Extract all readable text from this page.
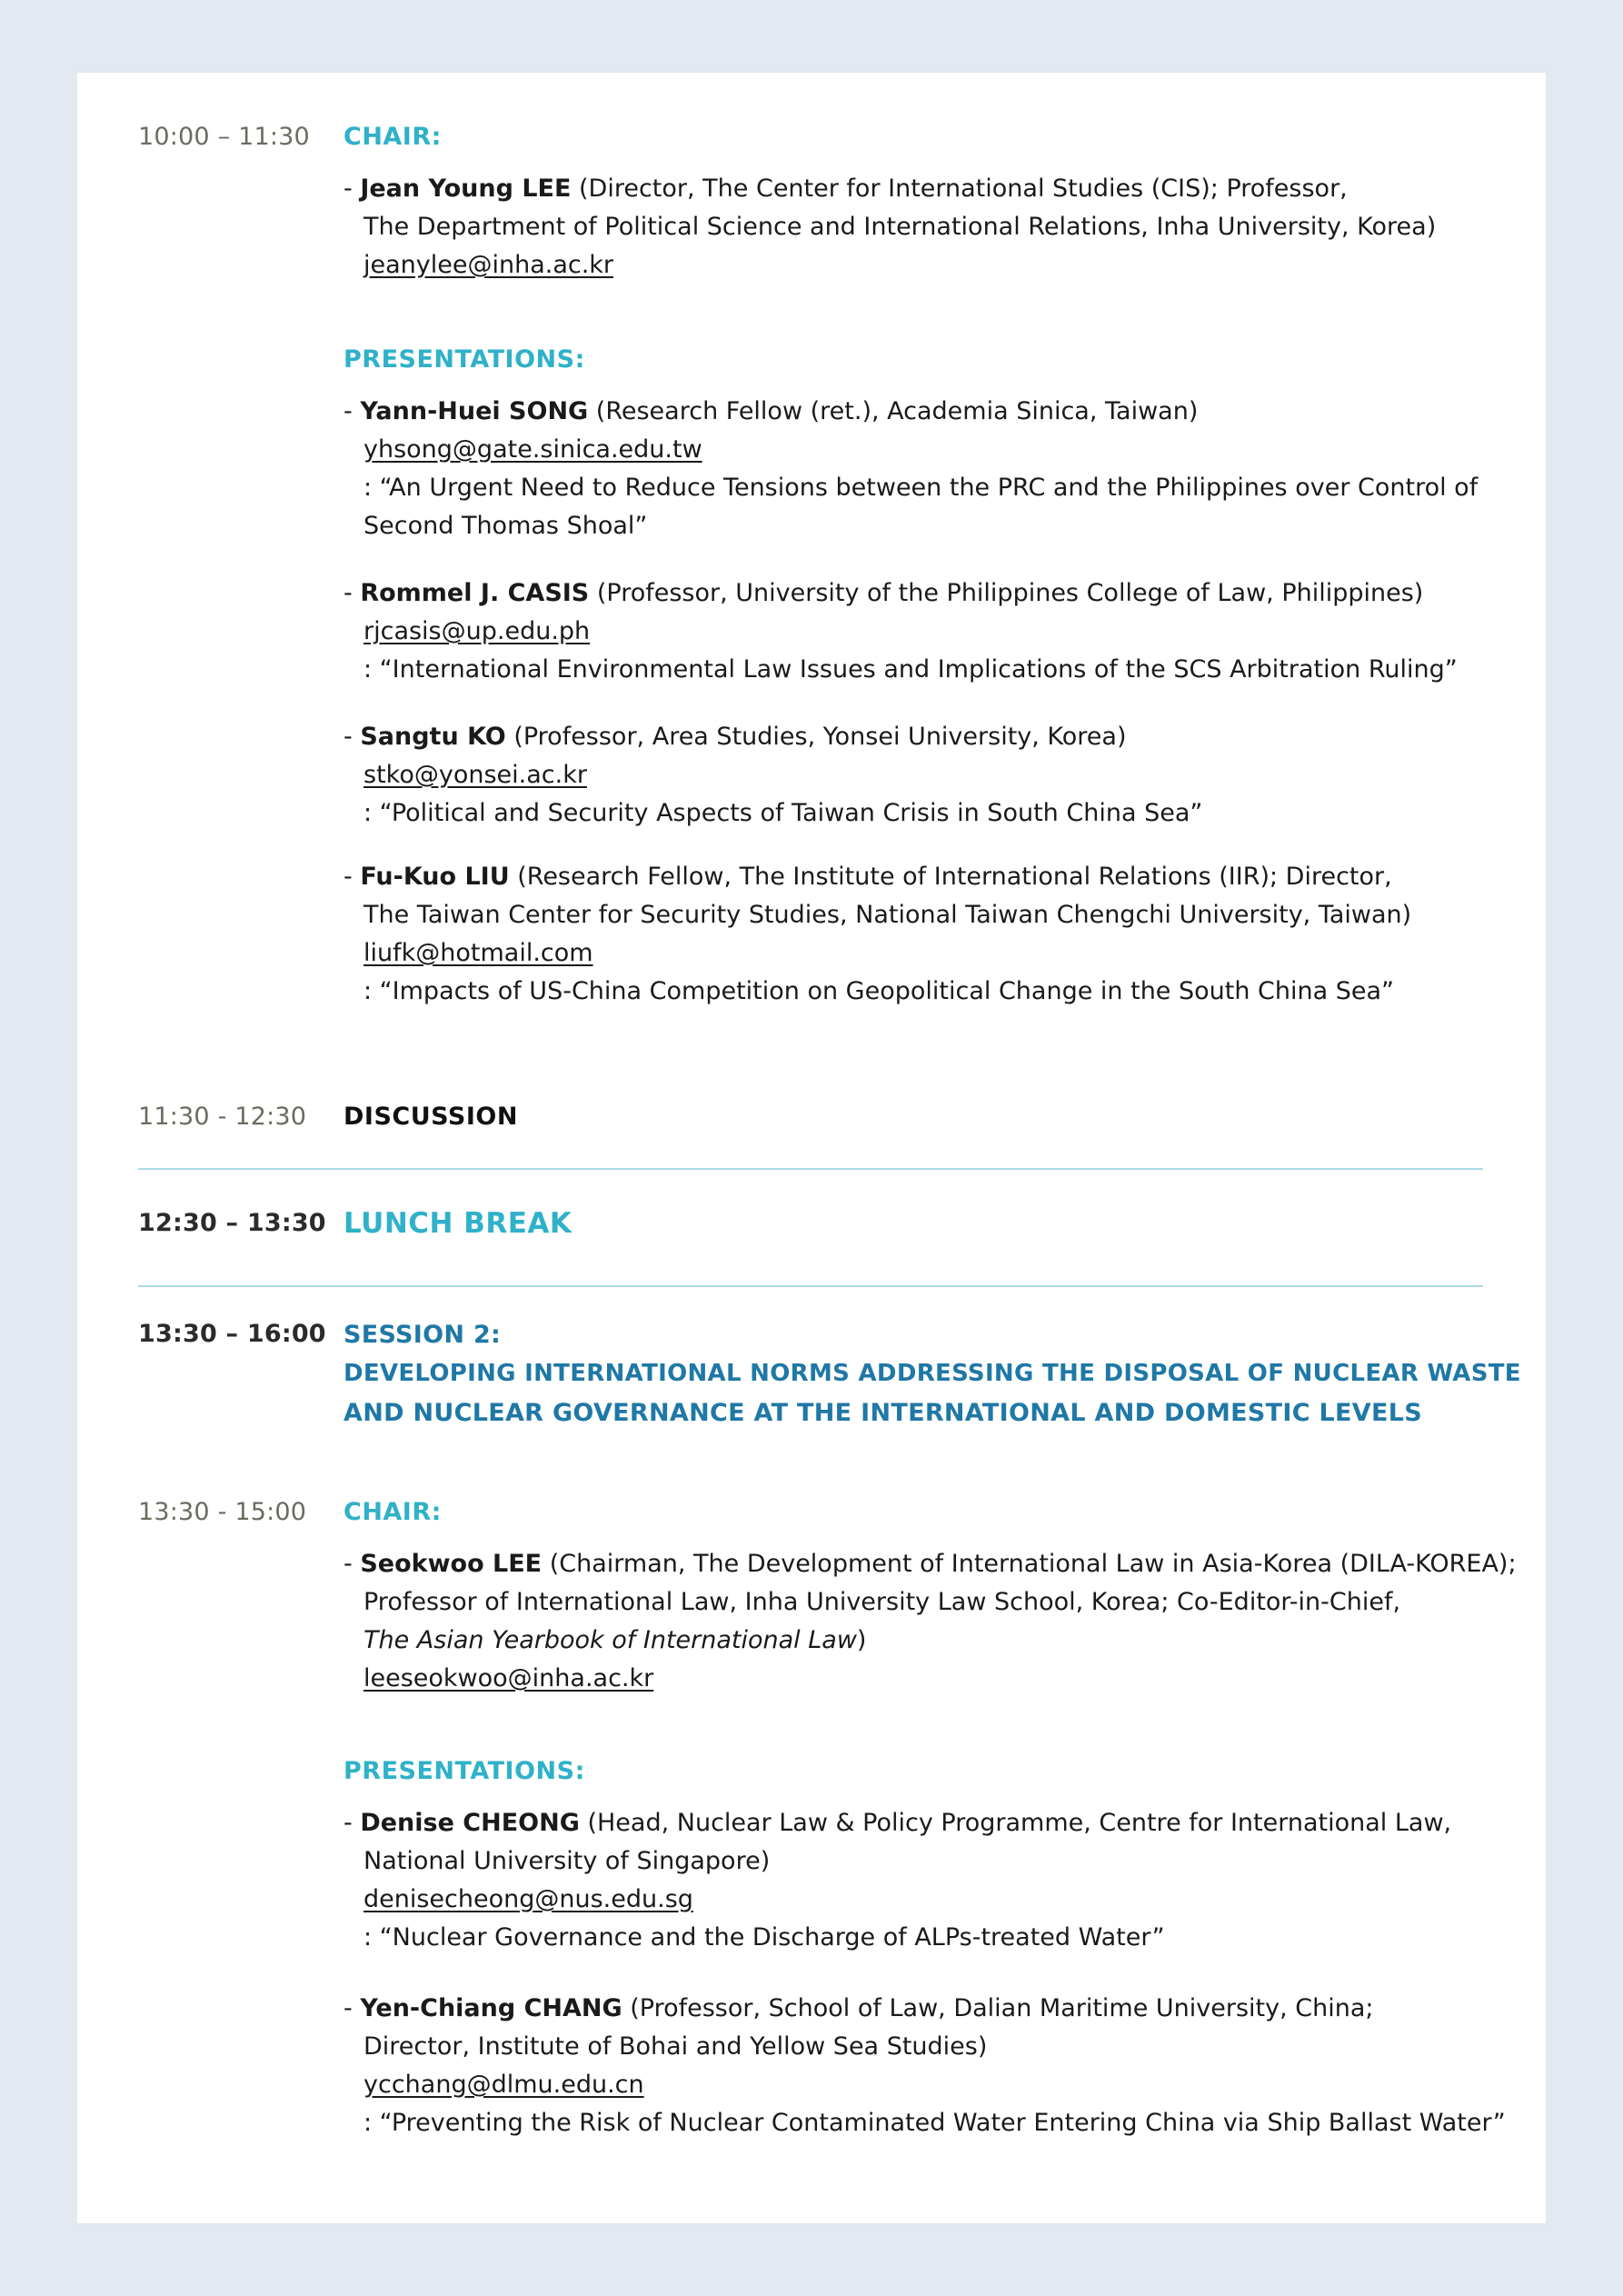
10:00 – 11:30 CHAIR:
- Jean Young LEE (Director, The Center for International Studies (CIS); Professor,
The Department of Political Science and International Relations, Inha University, Korea)
jeanylee@inha.ac.kr
PRESENTATIONS:
- Yann-Huei SONG (Research Fellow (ret.), Academia Sinica, Taiwan)
yhsong@gate.sinica.edu.tw
: “An Urgent Need to Reduce Tensions between the PRC and the Philippines over Control of
Second Thomas Shoal”
- Rommel J. CASIS (Professor, University of the Philippines College of Law, Philippines)
rjcasis@up.edu.ph
: “International Environmental Law Issues and Implications of the SCS Arbitration Ruling”
- Sangtu KO (Professor, Area Studies, Yonsei University, Korea)
stko@yonsei.ac.kr
: “Political and Security Aspects of Taiwan Crisis in South China Sea”
- Fu-Kuo LIU (Research Fellow, The Institute of International Relations (IIR); Director,
The Taiwan Center for Security Studies, National Taiwan Chengchi University, Taiwan)
liufk@hotmail.com
: “Impacts of US-China Competition on Geopolitical Change in the South China Sea”
11:30 - 12:30 DISCUSSION
12:30 – 13:30 LUNCH BREAK
13:30 – 16:00 SESSION 2:
DEVELOPING INTERNATIONAL NORMS ADDRESSING THE DISPOSAL OF NUCLEAR WASTE
AND NUCLEAR GOVERNANCE AT THE INTERNATIONAL AND DOMESTIC LEVELS
13:30 - 15:00 CHAIR:
- Seokwoo LEE (Chairman, The Development of International Law in Asia-Korea (DILA-KOREA);
Professor of International Law, Inha University Law School, Korea; Co-Editor-in-Chief,
The Asian Yearbook of International Law)
leeseokwoo@inha.ac.kr
PRESENTATIONS:
- Denise CHEONG (Head, Nuclear Law & Policy Programme, Centre for International Law,
National University of Singapore)
denisecheong@nus.edu.sg
: “Nuclear Governance and the Discharge of ALPs-treated Water”
- Yen-Chiang CHANG (Professor, School of Law, Dalian Maritime University, China;
Director, Institute of Bohai and Yellow Sea Studies)
ycchang@dlmu.edu.cn
: “Preventing the Risk of Nuclear Contaminated Water Entering China via Ship Ballast Water”
